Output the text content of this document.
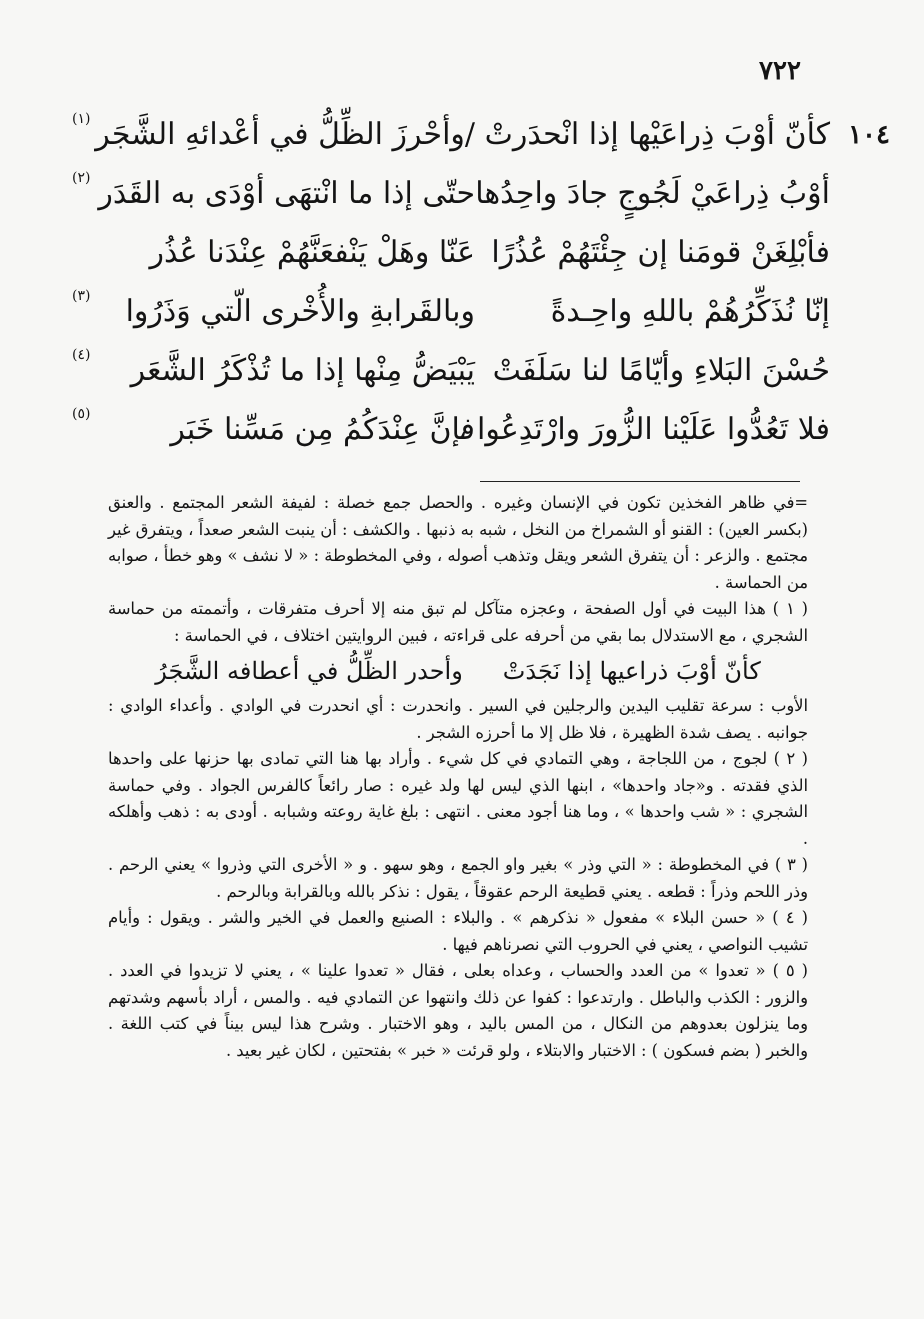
٧٢٢
١٠٤
كأنّ أوْبَ ذِراعَيْها إذا انْحدَرتْ
/وأحْرزَ الظِّلُّ في أعْدائهِ الشَّجَر
(١)
أوْبُ ذِراعَيْ لَجُوجٍ جادَ واحِدُها
حتّى إذا ما انْتهَى أوْدَى به القَدَر
(٢)
فأبْلِغَنْ قومَنا إن جِئْتَهُمْ عُذُرًا
عَنّا وهَلْ يَنْفعَنَّهُمْ عِنْدَنا عُذُر
إنّا نُذَكِّرُهُمْ باللهِ واحِـدةً
وبالقَرابةِ والأُخْرى الّتي وَذَرُوا
(٣)
حُسْنَ البَلاءِ وأيّامًا لنا سَلَفَتْ
يَبْيَضُّ مِنْها إذا ما تُذْكَرُ الشَّعَر
(٤)
فلا تَعُدُّوا عَلَيْنا الزُّورَ وارْتَدِعُوا ،
فإنَّ عِنْدَكُمُ مِن مَسِّنا خَبَر
(٥)

=في ظاهر الفخذين تكون في الإنسان وغيره . والحصل جمع خصلة : لفيفة الشعر المجتمع . والعنق (بكسر العين) : القنو أو الشمراخ من النخل ، شبه به ذنبها . والكشف : أن ينبت الشعر صعداً ، ويتفرق غير مجتمع . والزعر : أن يتفرق الشعر ويقل وتذهب أصوله ، وفي المخطوطة : « لا نشف » وهو خطأ ، صوابه من الحماسة .

( ١ ) هذا البيت في أول الصفحة ، وعجزه متآكل لم تبق منه إلا أحرف متفرقات ، وأتممته من حماسة الشجري ، مع الاستدلال بما بقي من أحرفه على قراءته ، فبين الروايتين اختلاف ، في الحماسة :

كأنّ أوْبَ ذراعيها إذا نَجَدَتْ
وأحدر الظِّلُّ في أعطافه الشَّجَرُ

الأوب : سرعة تقليب اليدين والرجلين في السير . وانحدرت : أي انحدرت في الوادي . وأعداء الوادي : جوانبه . يصف شدة الظهيرة ، فلا ظل إلا ما أحرزه الشجر .

( ٢ ) لجوج ، من اللجاجة ، وهي التمادي في كل شيء . وأراد بها هنا التي تمادى بها حزنها على واحدها الذي فقدته . و«جاد واحدها» ، ابنها الذي ليس لها ولد غيره : صار رائعاً كالفرس الجواد . وفي حماسة الشجري : « شب واحدها » ، وما هنا أجود معنى . انتهى : بلغ غاية روعته وشبابه . أودى به : ذهب وأهلكه .

( ٣ ) في المخطوطة : « التي وذر » بغير واو الجمع ، وهو سهو . و « الأخرى التي وذروا » يعني الرحم . وذر اللحم وذراً : قطعه . يعني قطيعة الرحم عقوقاً ، يقول : نذكر بالله وبالقرابة وبالرحم .

( ٤ ) « حسن البلاء » مفعول « نذكرهم » . والبلاء : الصنيع والعمل في الخير والشر . ويقول : وأيام تشيب النواصي ، يعني في الحروب التي نصرناهم فيها .

( ٥ ) « تعدوا » من العدد والحساب ، وعداه بعلى ، فقال « تعدوا علينا » ، يعني لا تزيدوا في العدد . والزور : الكذب والباطل . وارتدعوا : كفوا عن ذلك وانتهوا عن التمادي فيه . والمس ، أراد بأسهم وشدتهم وما ينزلون بعدوهم من النكال ، من المس باليد ، وهو الاختبار . وشرح هذا ليس بيناً في كتب اللغة . والخبر ( بضم فسكون ) : الاختبار والابتلاء ، ولو قرئت « خبر » بفتحتين ، لكان غير بعيد .
